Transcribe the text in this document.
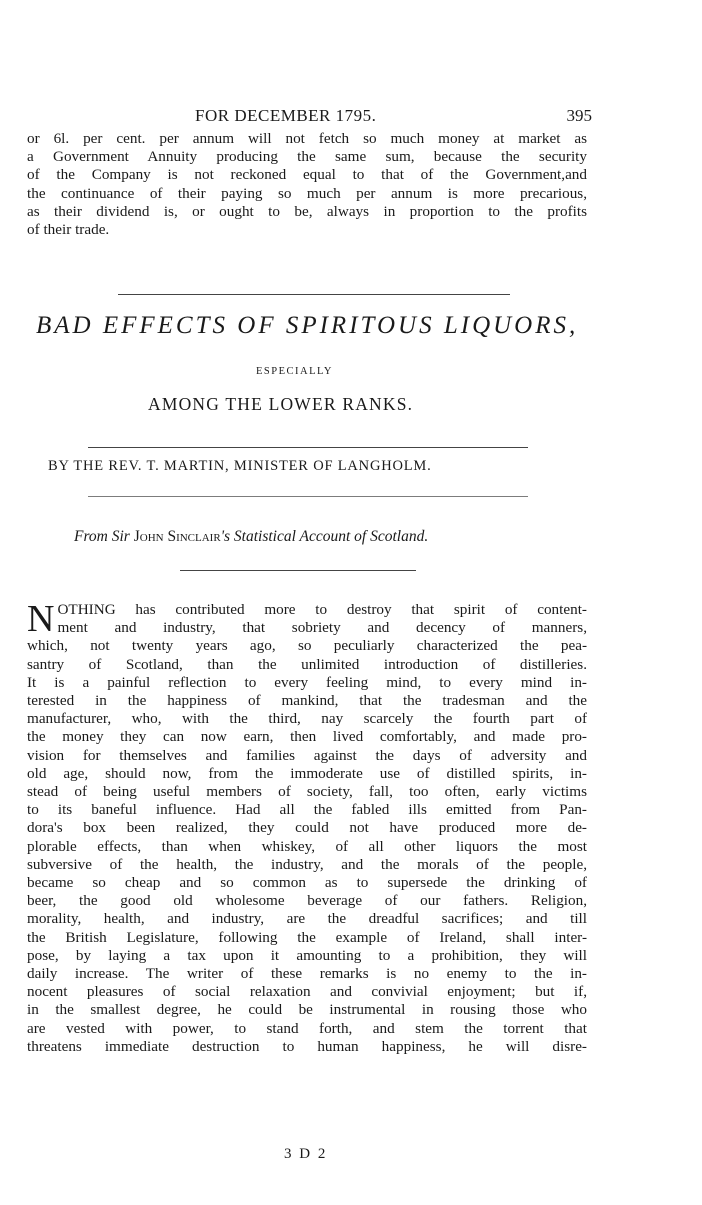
FOR DECEMBER 1795.	395
or 6l. per cent. per annum will not fetch so much money at market as
a Government Annuity producing the same sum, because the security
of the Company is not reckoned equal to that of the Government,and
the continuance of their paying so much per annum is more precarious,
as their dividend is, or ought to be, always in proportion to the profits
of their trade.
BAD EFFECTS OF SPIRITOUS LIQUORS,
ESPECIALLY
AMONG THE LOWER RANKS.
BY THE REV. T. MARTIN, MINISTER OF LANGHOLM.
From Sir John Sinclair's Statistical Account of Scotland.
N OTHING has contributed more to destroy that spirit of content-
ment and industry, that sobriety and decency of manners,
which, not twenty years ago, so peculiarly characterized the pea-
santry of Scotland, than the unlimited introduction of distilleries.
It is a painful reflection to every feeling mind, to every mind in-
terested in the happiness of mankind, that the tradesman and the
manufacturer, who, with the third, nay scarcely the fourth part of
the money they can now earn, then lived comfortably, and made pro-
vision for themselves and families against the days of adversity and
old age, should now, from the immoderate use of distilled spirits, in-
stead of being useful members of society, fall, too often, early victims
to its baneful influence. Had all the fabled ills emitted from Pan-
dora's box been realized, they could not have produced more de-
plorable effects, than when whiskey, of all other liquors the most
subversive of the health, the industry, and the morals of the people,
became so cheap and so common as to supersede the drinking of
beer, the good old wholesome beverage of our fathers. Religion,
morality, health, and industry, are the dreadful sacrifices; and till
the British Legislature, following the example of Ireland, shall inter-
pose, by laying a tax upon it amounting to a prohibition, they will
daily increase. The writer of these remarks is no enemy to the in-
nocent pleasures of social relaxation and convivial enjoyment; but if,
in the smallest degree, he could be instrumental in rousing those who
are vested with power, to stand forth, and stem the torrent that
threatens immediate destruction to human happiness, he will disre-
3 D 2
